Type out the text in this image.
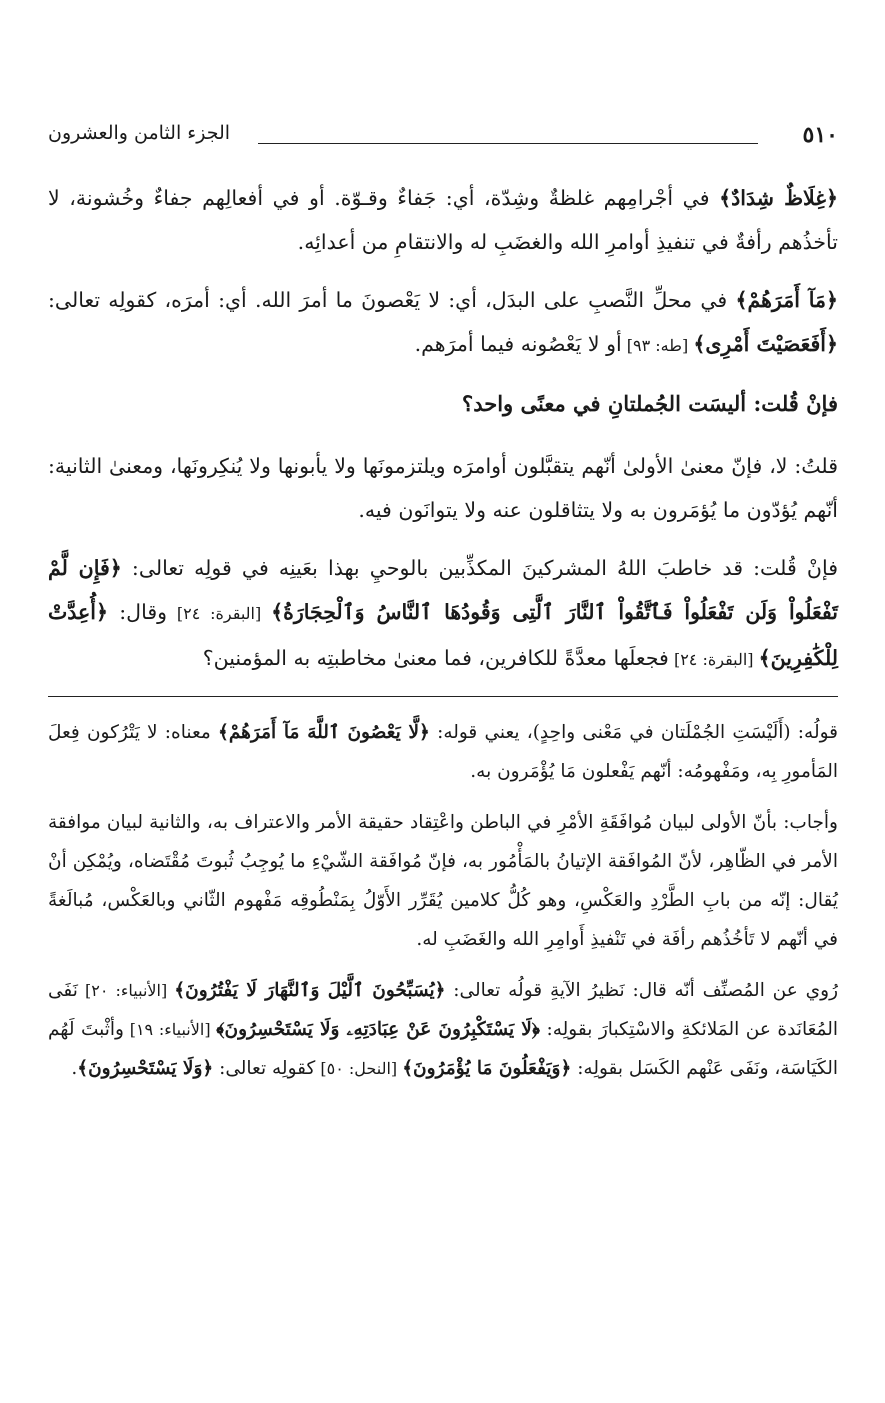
٥١٠
الجزء الثامن والعشرون

﴿غِلَاظٌ شِدَادٌ﴾ في أجْرامِهم غلظةٌ وشِدّة، أي: جَفاءٌ وقـوّة. أو في أفعالِهم جفاءٌ وخُشونة، لا تأخذُهم رأفةٌ في تنفيذِ أوامرِ الله والغضَبِ له والانتقامِ من أعدائِه.

﴿مَآ أَمَرَهُمْ﴾ في محلِّ النَّصبِ على البدَل، أي: لا يَعْصونَ ما أمرَ الله. أي: أمرَه، كقولِه تعالى: ﴿أَفَعَصَيْتَ أَمْرِى﴾ [طه: ٩٣] أو لا يَعْصُونه فيما أمرَهم.

فإنْ قُلت: أليسَت الجُملتانِ في معنًى واحد؟

قلتُ: لا، فإنّ معنىٰ الأولىٰ أنّهم يتقبَّلون أوامرَه ويلتزمونَها ولا يأبونها ولا يُنكِرونَها، ومعنىٰ الثانية: أنّهم يُؤدّون ما يُؤمَرون به ولا يتثاقلون عنه ولا يتوانَون فيه.

فإنْ قُلت: قد خاطبَ اللهُ المشركينَ المكذِّبين بالوحيِ بهذا بعَينِه في قولِه تعالى: ﴿فَإِن لَّمْ تَفْعَلُواْ وَلَن تَفْعَلُواْ فَٱتَّقُواْ ٱلنَّارَ ٱلَّتِى وَقُودُهَا ٱلنَّاسُ وَٱلْحِجَارَةُ﴾ [البقرة: ٢٤] وقال: ﴿أُعِدَّتْ لِلْكَٰفِرِينَ﴾ [البقرة: ٢٤] فجعلَها معدَّةً للكافرين، فما معنىٰ مخاطبتِه به المؤمنين؟

قولُه: (أَلَيْسَتِ الجُمْلَتان في مَعْنى واحِدٍ)، يعني قوله: ﴿لَّا يَعْصُونَ ٱللَّهَ مَآ أَمَرَهُمْ﴾ معناه: لا يَتْرُكون فِعلَ المَأمورِ بِه، ومَفْهومُه: أنّهم يَفْعلون مَا يُؤْمَرون به.

وأجاب: بأنّ الأولى لبيان مُوافَقَةِ الأمْرِ في الباطن واعْتِقاد حقيقة الأمر والاعتراف به، والثانية لبيان موافقة الأمر في الظّاهِر، لأنّ المُوافَقة الإتيانُ بالمَأْمُور به، فإنّ مُوافَقة الشّيْءِ ما يُوجِبُ ثُبوتَ مُقْتَضاه، ويُمْكِن أنْ يُقال: إنّه من بابِ الطَّرْدِ والعَكْسِ، وهو كُلُّ كلامين يُقَرِّر الأَوّلُ بِمَنْطُوقِه مَفْهوم الثّاني وبالعَكْس، مُبالَغةً في أنّهم لا تَأخُذُهم رأفَة في تَنْفيذِ أَوامِرِ الله والغَضَبِ له.

رُوي عن المُصنِّف أنّه قال: نَظيرُ الآيةِ قولُه تعالى: ﴿يُسَبِّحُونَ ٱلَّيْلَ وَٱلنَّهَارَ لَا يَفْتُرُونَ﴾ [الأنبياء: ٢٠] نَفَى المُعَانَدة عن المَلائكةِ والاسْتِكبارَ بقولِه: ﴿لَا يَسْتَكْبِرُونَ عَنْ عِبَادَتِهِۦ وَلَا يَسْتَحْسِرُونَ﴾ [الأنبياء: ١٩] وأثْبتَ لَهُم الكَيَاسَة، ونَفَى عَنْهم الكَسَل بقولِه: ﴿وَيَفْعَلُونَ مَا يُؤْمَرُونَ﴾ [النحل: ٥٠] كقولِه تعالى: ﴿وَلَا يَسْتَحْسِرُونَ﴾.
